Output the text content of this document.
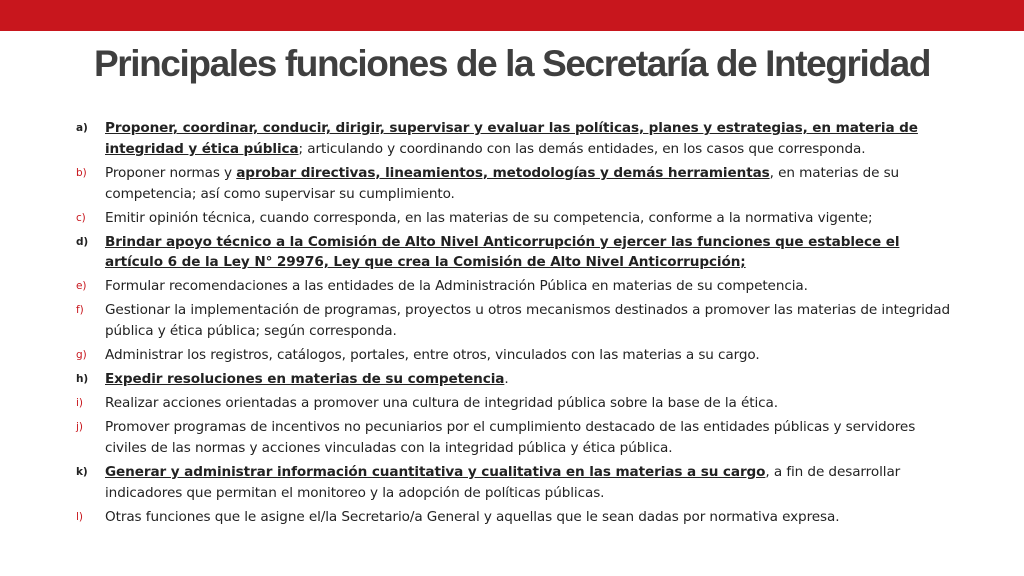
Principales funciones de la Secretaría de Integridad
a)	Proponer, coordinar, conducir, dirigir, supervisar y evaluar las políticas, planes y estrategias, en materia de integridad y ética pública; articulando y coordinando con las demás entidades, en los casos que corresponda.
b)	Proponer normas y aprobar directivas, lineamientos, metodologías y demás herramientas, en materias de su competencia; así como supervisar su cumplimiento.
c)	Emitir opinión técnica, cuando corresponda, en las materias de su competencia, conforme a la normativa vigente;
d)	Brindar apoyo técnico a la Comisión de Alto Nivel Anticorrupción y ejercer las funciones que establece el artículo 6 de la Ley N° 29976, Ley que crea la Comisión de Alto Nivel Anticorrupción;
e)	Formular recomendaciones a las entidades de la Administración Pública en materias de su competencia.
f)	Gestionar la implementación de programas, proyectos u otros mecanismos destinados a promover las materias de integridad pública y ética pública; según corresponda.
g)	Administrar los registros, catálogos, portales, entre otros, vinculados con las materias a su cargo.
h)	Expedir resoluciones en materias de su competencia.
i)	Realizar acciones orientadas a promover una cultura de integridad pública sobre la base de la ética.
j)	Promover programas de incentivos no pecuniarios por el cumplimiento destacado de las entidades públicas y servidores civiles de las normas y acciones vinculadas con la integridad pública y ética pública.
k)	Generar y administrar información cuantitativa y cualitativa en las materias a su cargo, a fin de desarrollar indicadores que permitan el monitoreo y la adopción de políticas públicas.
l)	Otras funciones que le asigne el/la Secretario/a General y aquellas que le sean dadas por normativa expresa.
